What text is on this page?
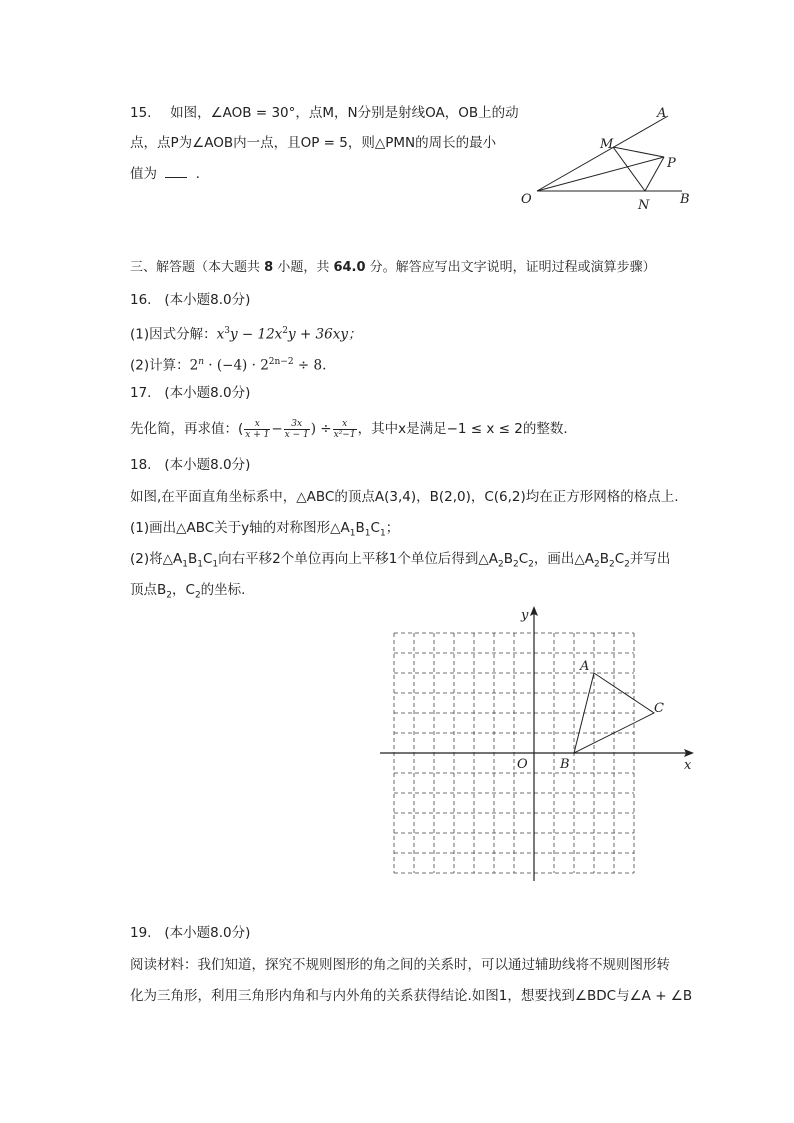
15. 如图，∠AOB = 30°，点M，N分别是射线OA，OB上的动
点，点P为∠AOB内一点，且OP = 5，则△PMN的周长的最小
值为	.
A
M
P
O	N B
三、解答题（本大题共 8 小题，共 64.0 分。解答应写出文字说明，证明过程或演算步骤）
16.   (本小题8.0分)
(1)因式分解：$x^3y - 12x^2y + 36xy$；
(2)计算：$2^n \cdot (-4) \cdot 2^{2n-2} \div 8$.
17.   (本小题8.0分)
先化简，再求值：( $\frac{x}{x + 1} - \frac{3x}{x - 1}$ ) ÷ $\frac{x}{\text{x²−1}}$ ，其中x是满足−1 ≤ x ≤ 2的整数.
18.   (本小题8.0分)
如图,在平面直角坐标系中，△ABC的顶点A(3,4)，B(2,0)，C(6,2)均在正方形网格的格点上.
(1)画出△ABC关于y轴的对称图形$\triangle A_1B_1C_1$；
(2)将$\triangle A_1B_1C_1$向右平移2个单位再向上平移1个单位后得到$\triangle A_2B_2C_2$，画出$\triangle A_2B_2C_2$并写出
顶点$B_2$，$C_2$的坐标.
y
x
O
A
B
C
19.   (本小题8.0分)
阅读材料：我们知道，探究不规则图形的角之间的关系时，可以通过辅助线将不规则图形转
化为三角形，利用三角形内角和与内外角的关系获得结论.如图1，想要找到∠BDC与∠A + ∠B
